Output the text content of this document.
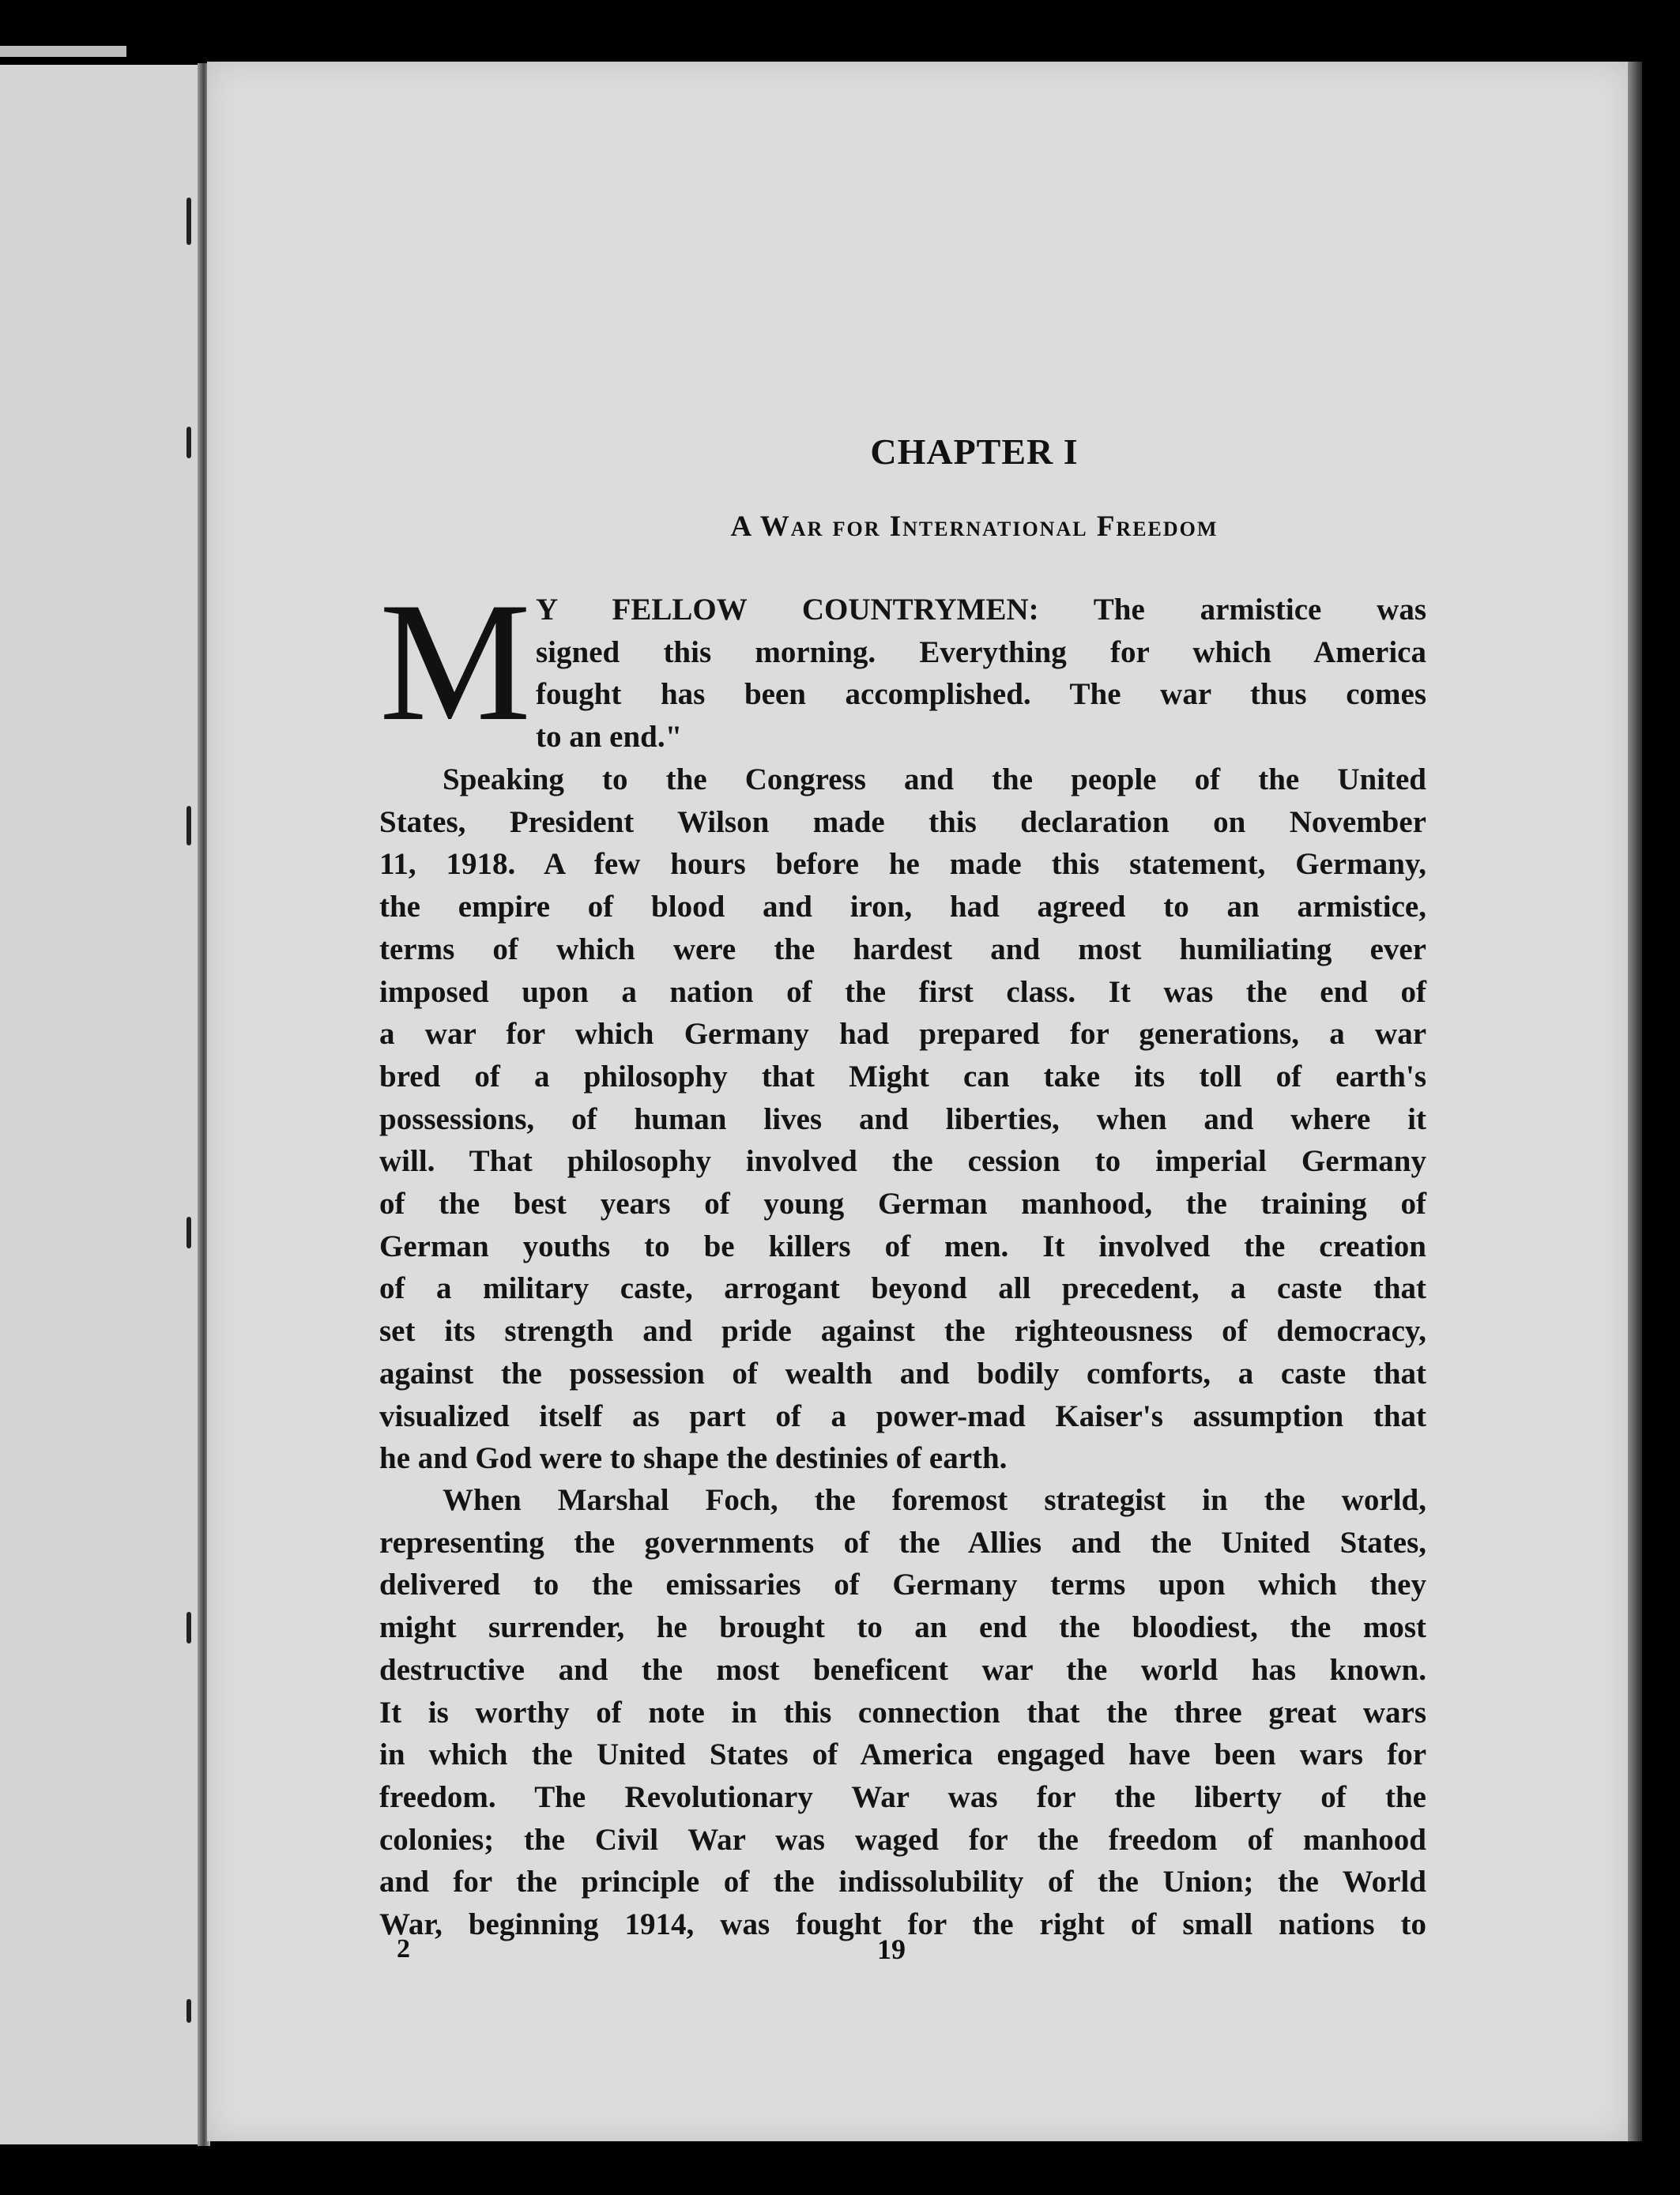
CHAPTER I
A War for International Freedom
M Y FELLOW COUNTRYMEN: The armistice was
signed this morning. Everything for which America
fought has been accomplished. The war thus comes
to an end."
Speaking to the Congress and the people of the United
States, President Wilson made this declaration on November
11, 1918. A few hours before he made this statement, Germany,
the empire of blood and iron, had agreed to an armistice,
terms of which were the hardest and most humiliating ever
imposed upon a nation of the first class. It was the end of
a war for which Germany had prepared for generations, a war
bred of a philosophy that Might can take its toll of earth's
possessions, of human lives and liberties, when and where it
will. That philosophy involved the cession to imperial Germany
of the best years of young German manhood, the training of
German youths to be killers of men. It involved the creation
of a military caste, arrogant beyond all precedent, a caste that
set its strength and pride against the righteousness of democracy,
against the possession of wealth and bodily comforts, a caste that
visualized itself as part of a power-mad Kaiser's assumption that
he and God were to shape the destinies of earth.
When Marshal Foch, the foremost strategist in the world,
representing the governments of the Allies and the United States,
delivered to the emissaries of Germany terms upon which they
might surrender, he brought to an end the bloodiest, the most
destructive and the most beneficent war the world has known.
It is worthy of note in this connection that the three great wars
in which the United States of America engaged have been wars for
freedom. The Revolutionary War was for the liberty of the
colonies; the Civil War was waged for the freedom of manhood
and for the principle of the indissolubility of the Union; the World
War, beginning 1914, was fought for the right of small nations to
2	19
